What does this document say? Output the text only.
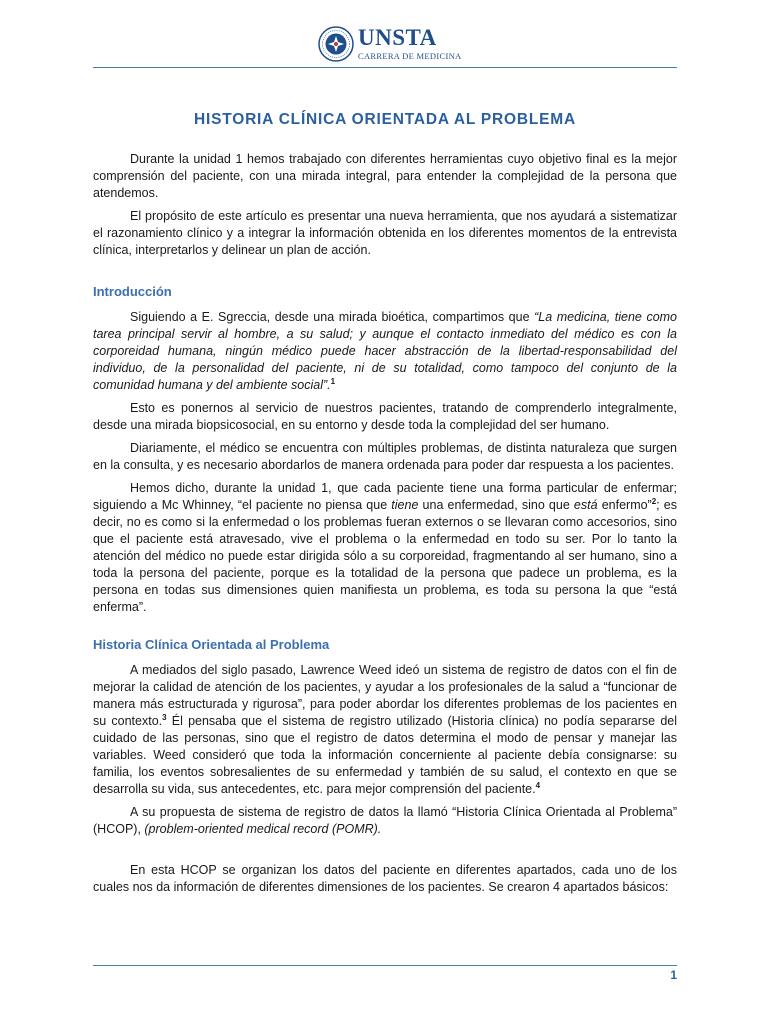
UNSTA
CARRERA DE MEDICINA
HISTORIA CLÍNICA ORIENTADA AL PROBLEMA

Durante la unidad 1 hemos trabajado con diferentes herramientas cuyo objetivo final es la mejor comprensión del paciente, con una mirada integral, para entender la complejidad de la persona que atendemos.

El propósito de este artículo es presentar una nueva herramienta, que nos ayudará a sistematizar el razonamiento clínico y a integrar la información obtenida en los diferentes momentos de la entrevista clínica, interpretarlos y delinear un plan de acción.

Introducción

Siguiendo a E. Sgreccia, desde una mirada bioética, compartimos que “La medicina, tiene como tarea principal servir al hombre, a su salud; y aunque el contacto inmediato del médico es con la corporeidad humana, ningún médico puede hacer abstracción de la libertad-responsabilidad del individuo, de la personalidad del paciente, ni de su totalidad, como tampoco del conjunto de la comunidad humana y del ambiente social”.$^1$

Esto es ponernos al servicio de nuestros pacientes, tratando de comprenderlo integralmente, desde una mirada biopsicosocial, en su entorno y desde toda la complejidad del ser humano.

Diariamente, el médico se encuentra con múltiples problemas, de distinta naturaleza que surgen en la consulta, y es necesario abordarlos de manera ordenada para poder dar respuesta a los pacientes.

Hemos dicho, durante la unidad 1, que cada paciente tiene una forma particular de enfermar; siguiendo a Mc Whinney, “el paciente no piensa que tiene una enfermedad, sino que está enfermo”$^2$; es decir, no es como si la enfermedad o los problemas fueran externos o se llevaran como accesorios, sino que el paciente está atravesado, vive el problema o la enfermedad en todo su ser. Por lo tanto la atención del médico no puede estar dirigida sólo a su corporeidad, fragmentando al ser humano, sino a toda la persona del paciente, porque es la totalidad de la persona que padece un problema, es la persona en todas sus dimensiones quien manifiesta un problema, es toda su persona la que “está enferma”.

Historia Clínica Orientada al Problema

A mediados del siglo pasado, Lawrence Weed ideó un sistema de registro de datos con el fin de mejorar la calidad de atención de los pacientes, y ayudar a los profesionales de la salud a “funcionar de manera más estructurada y rigurosa”, para poder abordar los diferentes problemas de los pacientes en su contexto.$^3$ Él pensaba que el sistema de registro utilizado (Historia clínica) no podía separarse del cuidado de las personas, sino que el registro de datos determina el modo de pensar y manejar las variables. Weed consideró que toda la información concerniente al paciente debía consignarse: su familia, los eventos sobresalientes de su enfermedad y también de su salud, el contexto en que se desarrolla su vida, sus antecedentes, etc. para mejor comprensión del paciente.$^4$

A su propuesta de sistema de registro de datos la llamó “Historia Clínica Orientada al Problema” (HCOP), (problem-oriented medical record (POMR).

En esta HCOP se organizan los datos del paciente en diferentes apartados, cada uno de los cuales nos da información de diferentes dimensiones de los pacientes. Se crearon 4 apartados básicos:

1
